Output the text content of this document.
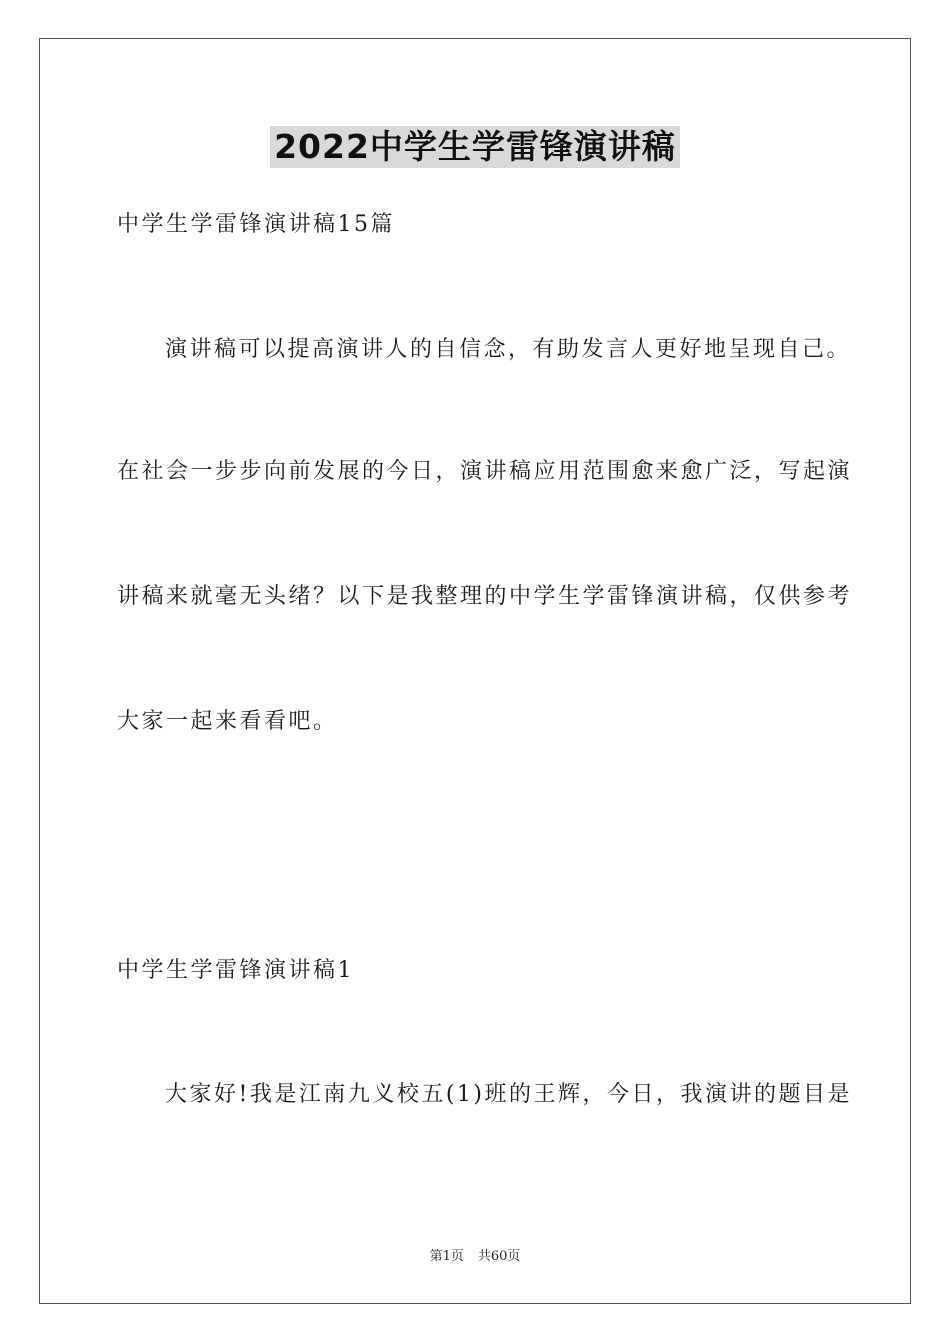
2022中学生学雷锋演讲稿
中学生学雷锋演讲稿15篇
演讲稿可以提高演讲人的自信念，有助发言人更好地呈现自己。
在社会一步步向前发展的今日，演讲稿应用范围愈来愈广泛，写起演
讲稿来就毫无头绪？以下是我整理的中学生学雷锋演讲稿，仅供参考
大家一起来看看吧。
中学生学雷锋演讲稿1
大家好!我是江南九义校五(1)班的王辉，今日，我演讲的题目是
第1页 共60页
